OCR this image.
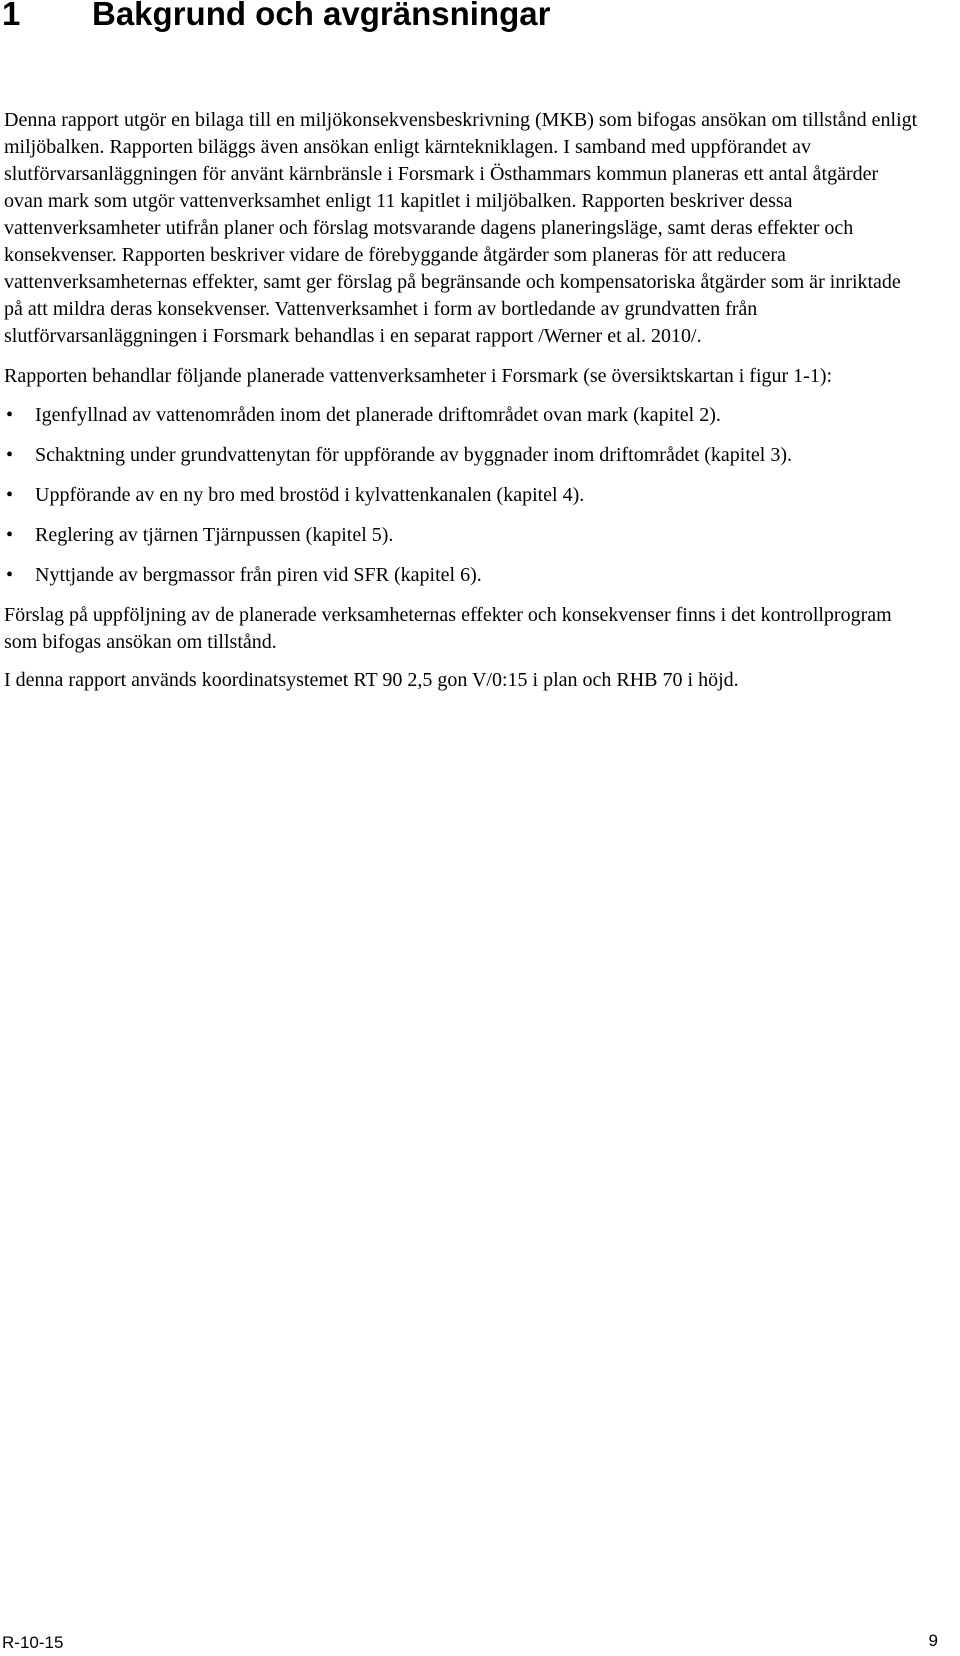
1 Bakgrund och avgränsningar

Denna rapport utgör en bilaga till en miljökonsekvensbeskrivning (MKB) som bifogas ansökan om tillstånd enligt miljöbalken. Rapporten biläggs även ansökan enligt kärntekniklagen. I samband med uppförandet av slutförvarsanläggningen för använt kärnbränsle i Forsmark i Östhammars kommun planeras ett antal åtgärder ovan mark som utgör vattenverksamhet enligt 11 kapitlet i miljöbalken. Rapporten beskriver dessa vattenverksamheter utifrån planer och förslag motsvarande dagens planeringsläge, samt deras effekter och konsekvenser. Rapporten beskriver vidare de förebyggande åtgärder som planeras för att reducera vattenverksamheternas effekter, samt ger förslag på begränsande och kompensatoriska åtgärder som är inriktade på att mildra deras konsekvenser. Vattenverksamhet i form av bortledande av grundvatten från slutförvarsanläggningen i Forsmark behandlas i en separat rapport /Werner et al. 2010/.

Rapporten behandlar följande planerade vattenverksamheter i Forsmark (se översiktskartan i figur 1-1):

• Igenfyllnad av vattenområden inom det planerade driftområdet ovan mark (kapitel 2).
• Schaktning under grundvattenytan för uppförande av byggnader inom driftområdet (kapitel 3).
• Uppförande av en ny bro med brostöd i kylvattenkanalen (kapitel 4).
• Reglering av tjärnen Tjärnpussen (kapitel 5).
• Nyttjande av bergmassor från piren vid SFR (kapitel 6).

Förslag på uppföljning av de planerade verksamheternas effekter och konsekvenser finns i det kontrollprogram som bifogas ansökan om tillstånd.

I denna rapport används koordinatsystemet RT 90 2,5 gon V/0:15 i plan och RHB 70 i höjd.

R-10-15	9
